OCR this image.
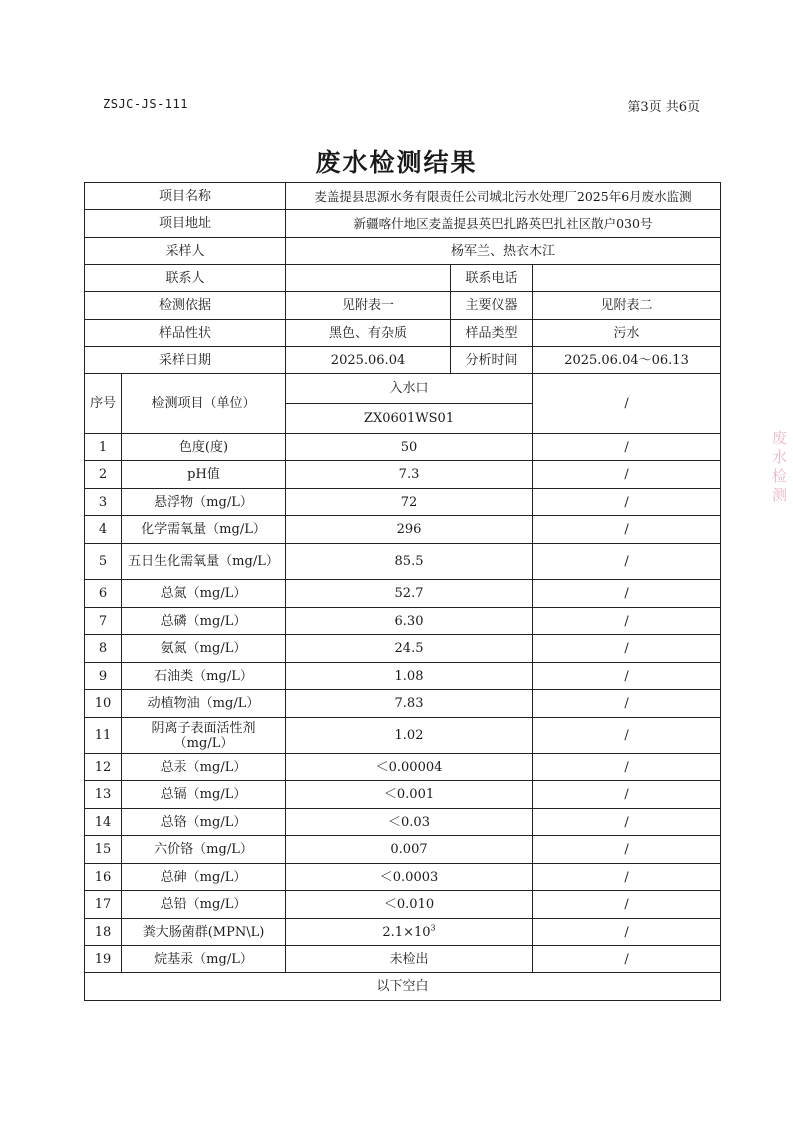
ZSJC-JS-111	第3页 共6页
废水检测结果
项目名称		麦盖提县思源水务有限责任公司城北污水处理厂2025年6月废水监测		
项目地址		新疆喀什地区麦盖提县英巴扎路英巴扎社区散户030号		
采样人		杨军兰、热衣木江		
联系人			联系电话	
检测依据		见附表一	主要仪器	见附表二
样品性状		黑色、有杂质	样品类型	污水
采样日期		2025.06.04	分析时间	2025.06.04～06.13
序号	检测项目（单位）	入水口		/
		ZX0601WS01		
1	色度(度)	50		/
2	pH值	7.3		/
3	悬浮物（mg/L）	72		/
4	化学需氧量（mg/L）	296		/
5	五日生化需氧量（mg/L）	85.5		/
6	总氮（mg/L）	52.7		/
7	总磷（mg/L）	6.30		/
8	氨氮（mg/L）	24.5		/
9	石油类（mg/L）	1.08		/
10	动植物油（mg/L）	7.83		/
11	阴离子表面活性剂
（mg/L）	1.02		/
12	总汞（mg/L）	＜0.00004		/
13	总镉（mg/L）	＜0.001		/
14	总铬（mg/L）	＜0.03		/
15	六价铬（mg/L）	0.007		/
16	总砷（mg/L）	＜0.0003		/
17	总铅（mg/L）	＜0.010		/
18	粪大肠菌群(MPN\L)	$2.1\times 10^3$		/
19	烷基汞（mg/L）	未检出		/
以下空白				
废水检测
